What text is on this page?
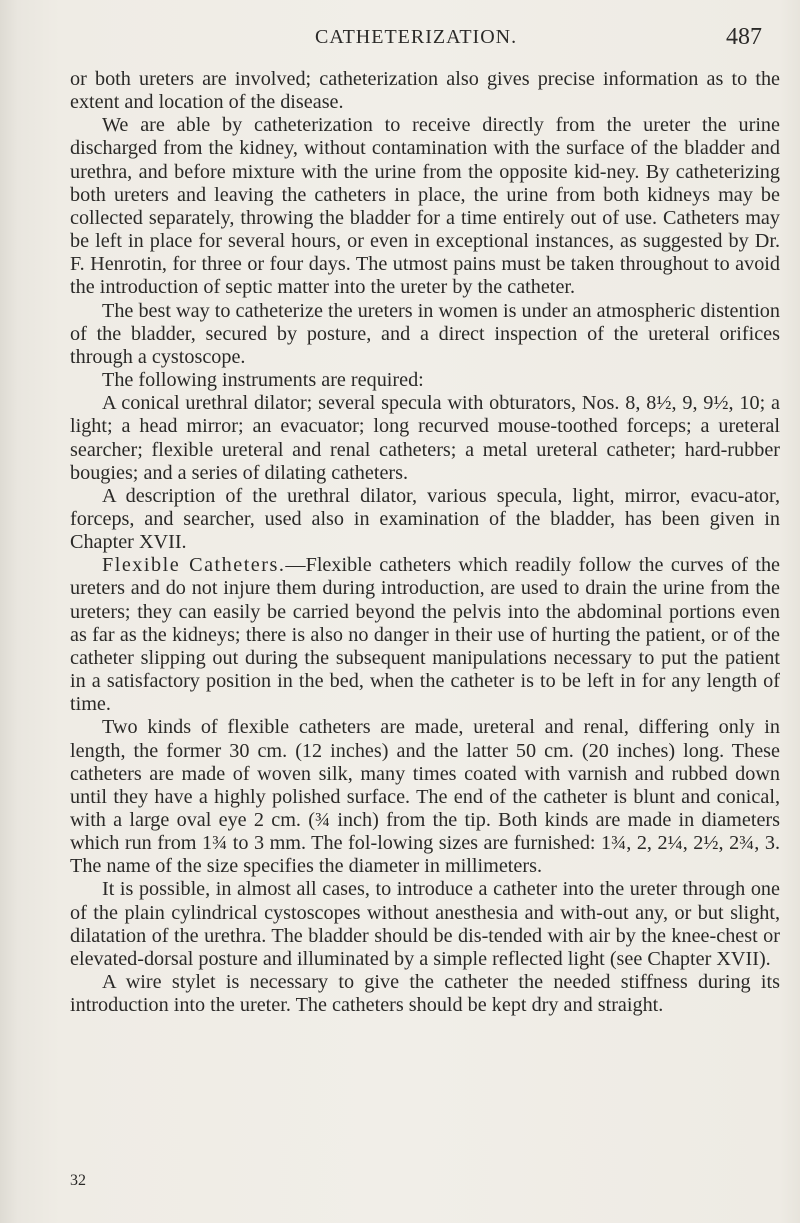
CATHETERIZATION.	487

or both ureters are involved; catheterization also gives precise information as to the extent and location of the disease.

We are able by catheterization to receive directly from the ureter the urine discharged from the kidney, without contamination with the surface of the bladder and urethra, and before mixture with the urine from the opposite kid-ney. By catheterizing both ureters and leaving the catheters in place, the urine from both kidneys may be collected separately, throwing the bladder for a time entirely out of use. Catheters may be left in place for several hours, or even in exceptional instances, as suggested by Dr. F. Henrotin, for three or four days. The utmost pains must be taken throughout to avoid the introduction of septic matter into the ureter by the catheter.

The best way to catheterize the ureters in women is under an atmospheric distention of the bladder, secured by posture, and a direct inspection of the ureteral orifices through a cystoscope.

The following instruments are required:

A conical urethral dilator; several specula with obturators, Nos. 8, 8½, 9, 9½, 10; a light; a head mirror; an evacuator; long recurved mouse-toothed forceps; a ureteral searcher; flexible ureteral and renal catheters; a metal ureteral catheter; hard-rubber bougies; and a series of dilating catheters.

A description of the urethral dilator, various specula, light, mirror, evacu-ator, forceps, and searcher, used also in examination of the bladder, has been given in Chapter XVII.

Flexible Catheters.—Flexible catheters which readily follow the curves of the ureters and do not injure them during introduction, are used to drain the urine from the ureters; they can easily be carried beyond the pelvis into the abdominal portions even as far as the kidneys; there is also no danger in their use of hurting the patient, or of the catheter slipping out during the subsequent manipulations necessary to put the patient in a satisfactory position in the bed, when the catheter is to be left in for any length of time.

Two kinds of flexible catheters are made, ureteral and renal, differing only in length, the former 30 cm. (12 inches) and the latter 50 cm. (20 inches) long. These catheters are made of woven silk, many times coated with varnish and rubbed down until they have a highly polished surface. The end of the catheter is blunt and conical, with a large oval eye 2 cm. (¾ inch) from the tip. Both kinds are made in diameters which run from 1¾ to 3 mm. The fol-lowing sizes are furnished: 1¾, 2, 2¼, 2½, 2¾, 3. The name of the size specifies the diameter in millimeters.

It is possible, in almost all cases, to introduce a catheter into the ureter through one of the plain cylindrical cystoscopes without anesthesia and with-out any, or but slight, dilatation of the urethra. The bladder should be dis-tended with air by the knee-chest or elevated-dorsal posture and illuminated by a simple reflected light (see Chapter XVII).

A wire stylet is necessary to give the catheter the needed stiffness during its introduction into the ureter. The catheters should be kept dry and straight.

32
